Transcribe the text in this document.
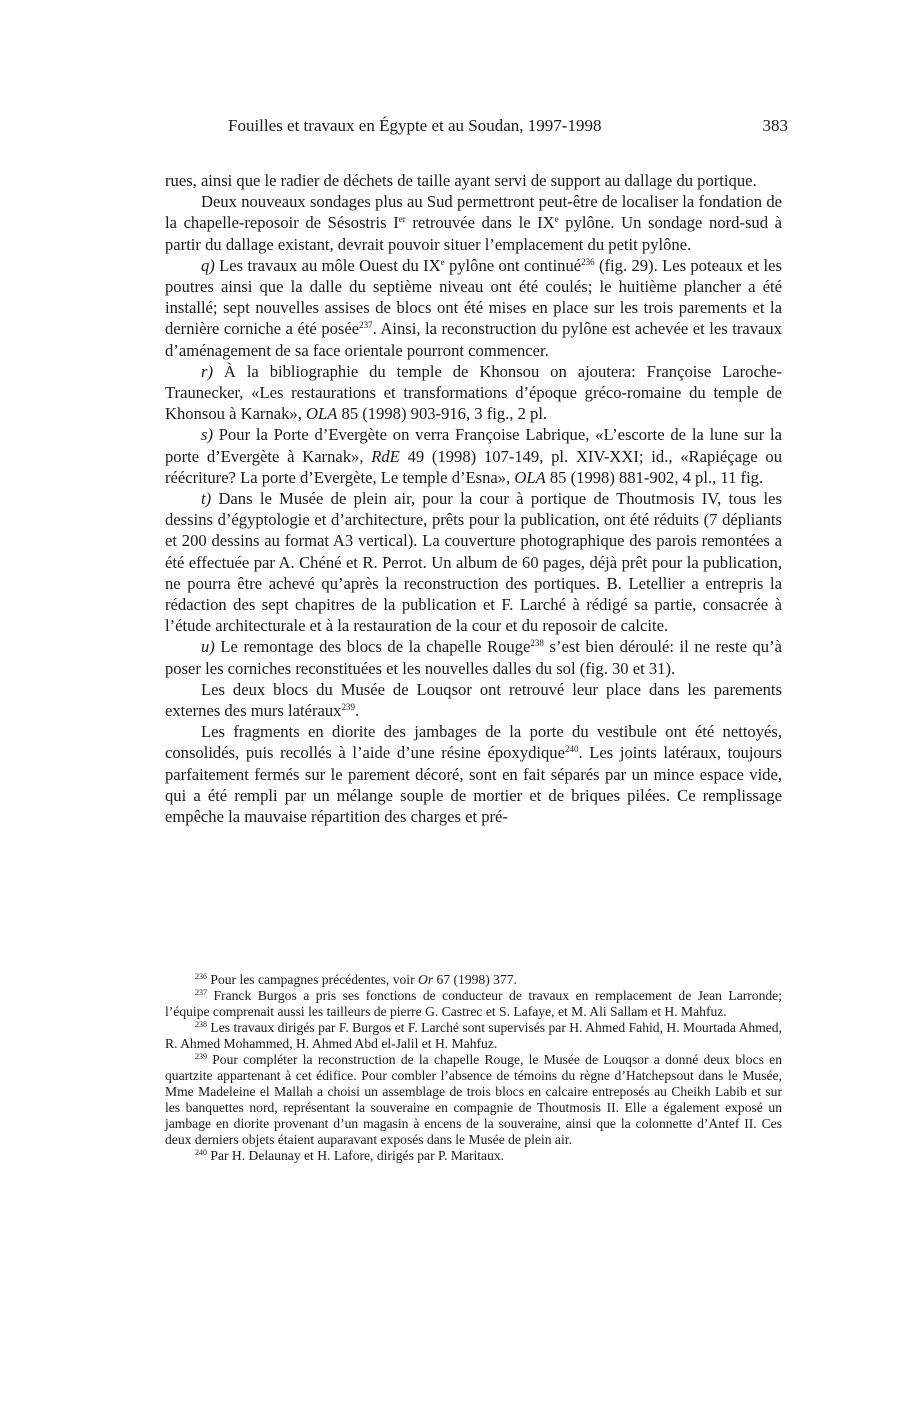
Fouilles et travaux en Égypte et au Soudan, 1997-1998	383

rues, ainsi que le radier de déchets de taille ayant servi de support au dallage du portique.

Deux nouveaux sondages plus au Sud permettront peut-être de localiser la fondation de la chapelle-reposoir de Sésostris Ier retrouvée dans le IXe pylône. Un sondage nord-sud à partir du dallage existant, devrait pouvoir situer l’emplacement du petit pylône.

q) Les travaux au môle Ouest du IXe pylône ont continué$^{236}$ (fig. 29). Les poteaux et les poutres ainsi que la dalle du septième niveau ont été coulés; le huitième plancher a été installé; sept nouvelles assises de blocs ont été mises en place sur les trois parements et la dernière corniche a été posée$^{237}$. Ainsi, la reconstruction du pylône est achevée et les travaux d’aménagement de sa face orientale pourront commencer.

r) À la bibliographie du temple de Khonsou on ajoutera: Françoise Laroche-Traunecker, «Les restaurations et transformations d’époque gréco-romaine du temple de Khonsou à Karnak», OLA 85 (1998) 903-916, 3 fig., 2 pl.

s) Pour la Porte d’Evergète on verra Françoise Labrique, «L’escorte de la lune sur la porte d’Evergète à Karnak», RdE 49 (1998) 107-149, pl. XIV-XXI; id., «Rapiéçage ou réécriture? La porte d’Evergète, Le temple d’Esna», OLA 85 (1998) 881-902, 4 pl., 11 fig.

t) Dans le Musée de plein air, pour la cour à portique de Thoutmosis IV, tous les dessins d’égyptologie et d’architecture, prêts pour la publication, ont été réduits (7 dépliants et 200 dessins au format A3 vertical). La couverture photographique des parois remontées a été effectuée par A. Chéné et R. Perrot. Un album de 60 pages, déjà prêt pour la publication, ne pourra être achevé qu’après la reconstruction des portiques. B. Letellier a entrepris la rédaction des sept chapitres de la publication et F. Larché à rédigé sa partie, consacrée à l’étude architecturale et à la restauration de la cour et du reposoir de calcite.

u) Le remontage des blocs de la chapelle Rouge$^{238}$ s’est bien déroulé: il ne reste qu’à poser les corniches reconstituées et les nouvelles dalles du sol (fig. 30 et 31).

Les deux blocs du Musée de Louqsor ont retrouvé leur place dans les parements externes des murs latéraux$^{239}$.

Les fragments en diorite des jambages de la porte du vestibule ont été nettoyés, consolidés, puis recollés à l’aide d’une résine époxydique$^{240}$. Les joints latéraux, toujours parfaitement fermés sur le parement décoré, sont en fait séparés par un mince espace vide, qui a été rempli par un mélange souple de mortier et de briques pilées. Ce remplissage empêche la mauvaise répartition des charges et pré-

$^{236}$ Pour les campagnes précédentes, voir Or 67 (1998) 377.

$^{237}$ Franck Burgos a pris ses fonctions de conducteur de travaux en remplacement de Jean Larronde; l’équipe comprenait aussi les tailleurs de pierre G. Castrec et S. Lafaye, et M. Ali Sallam et H. Mahfuz.

$^{238}$ Les travaux dirigés par F. Burgos et F. Larché sont supervisés par H. Ahmed Fahid, H. Mourtada Ahmed, R. Ahmed Mohammed, H. Ahmed Abd el-Jalil et H. Mahfuz.

$^{239}$ Pour compléter la reconstruction de la chapelle Rouge, le Musée de Louqsor a donné deux blocs en quartzite appartenant à cet édifice. Pour combler l’absence de témoins du règne d’Hatchepsout dans le Musée, Mme Madeleine el Mallah a choisi un assemblage de trois blocs en calcaire entreposés au Cheikh Labib et sur les banquettes nord, représentant la souveraine en compagnie de Thoutmosis II. Elle a également exposé un jambage en diorite provenant d’un magasin à encens de la souveraine, ainsi que la colonnette d’Antef II. Ces deux derniers objets étaient auparavant exposés dans le Musée de plein air.

$^{240}$ Par H. Delaunay et H. Lafore, dirigés par P. Maritaux.
